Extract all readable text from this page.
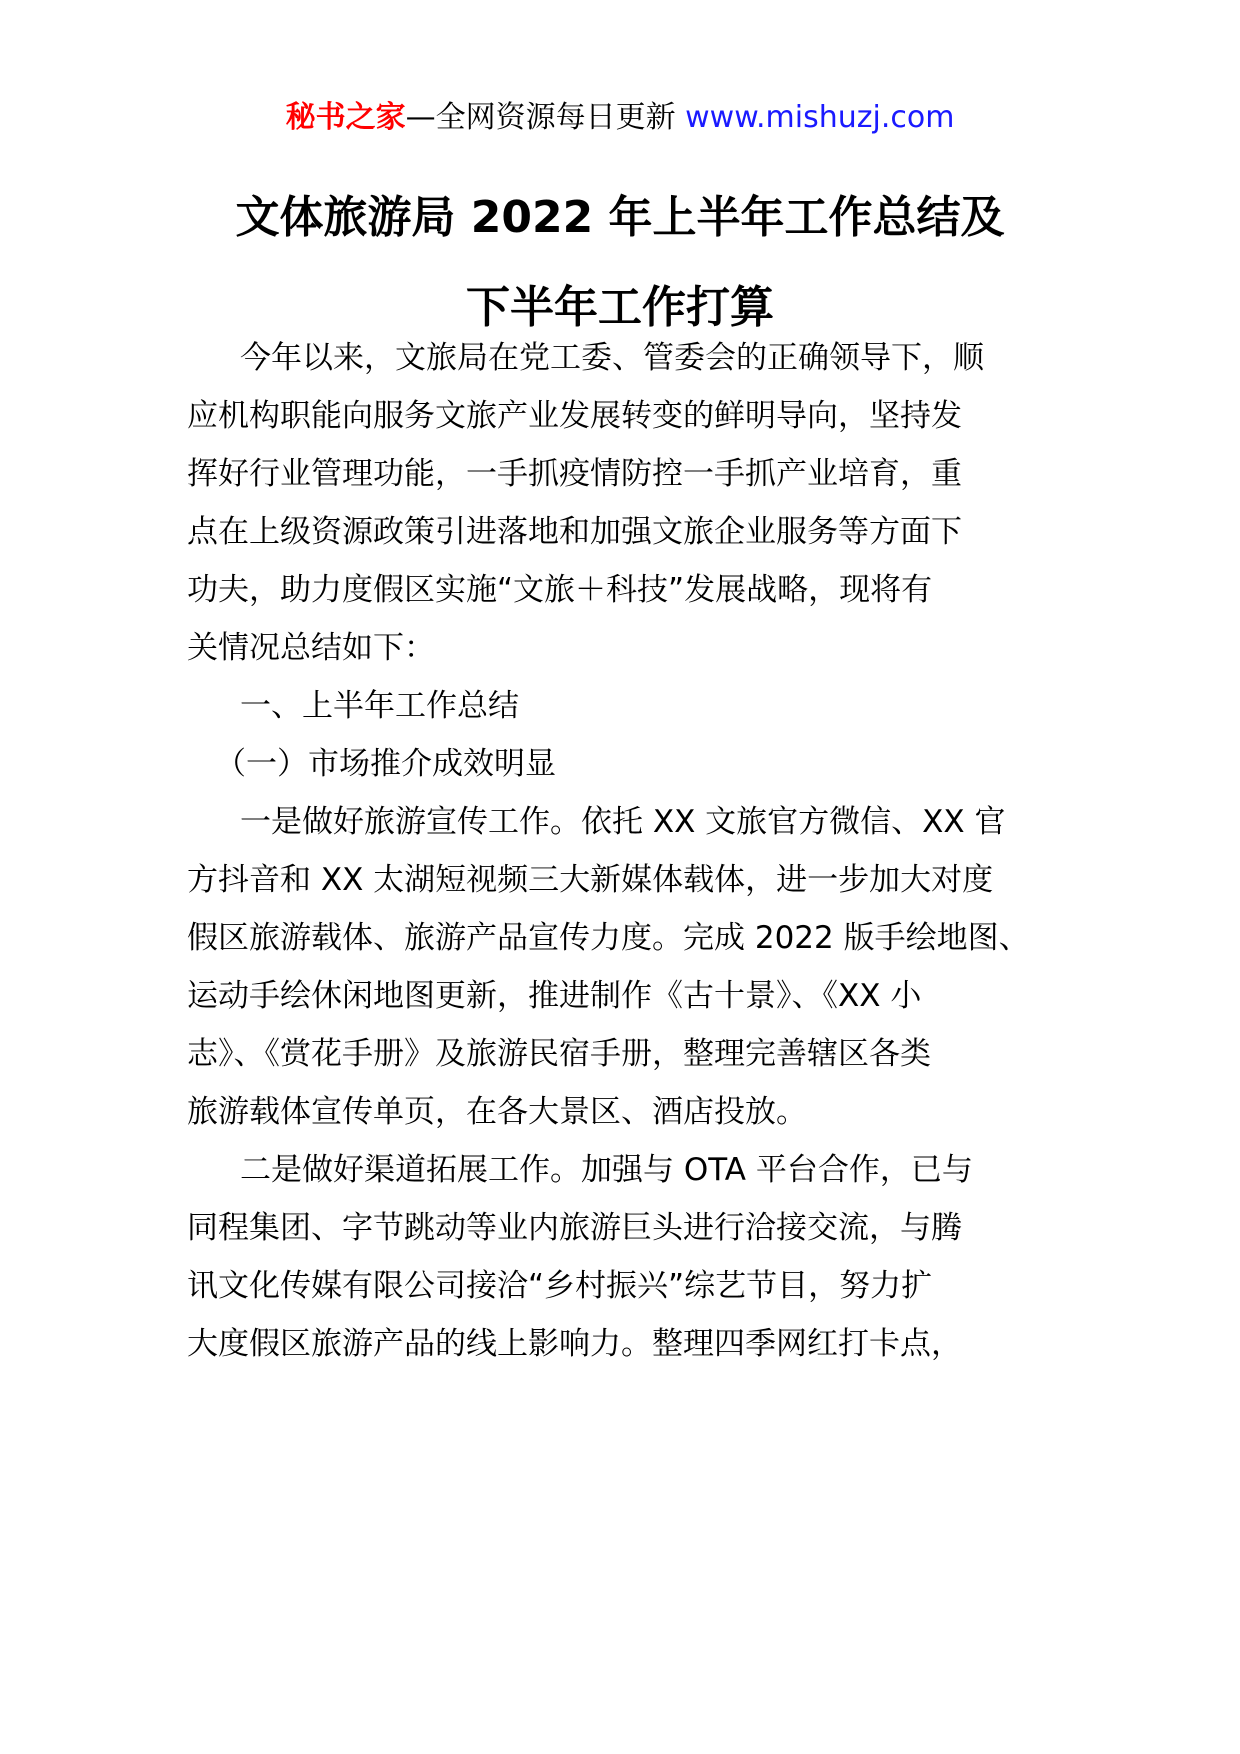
秘书之家—全网资源每日更新 www.mishuzj.com
文体旅游局 2022 年上半年工作总结及
下半年工作打算
今年以来，文旅局在党工委、管委会的正确领导下，顺
应机构职能向服务文旅产业发展转变的鲜明导向，坚持发
挥好行业管理功能，一手抓疫情防控一手抓产业培育，重
点在上级资源政策引进落地和加强文旅企业服务等方面下
功夫，助力度假区实施“文旅＋科技”发展战略，现将有
关情况总结如下：
一、上半年工作总结
（一）市场推介成效明显
一是做好旅游宣传工作。依托 XX 文旅官方微信、XX 官
方抖音和 XX 太湖短视频三大新媒体载体，进一步加大对度
假区旅游载体、旅游产品宣传力度。完成 2022 版手绘地图、
运动手绘休闲地图更新，推进制作《古十景》、《XX 小
志》、《赏花手册》及旅游民宿手册，整理完善辖区各类
旅游载体宣传单页，在各大景区、酒店投放。
二是做好渠道拓展工作。加强与 OTA 平台合作，已与
同程集团、字节跳动等业内旅游巨头进行洽接交流，与腾
讯文化传媒有限公司接洽“乡村振兴”综艺节目，努力扩
大度假区旅游产品的线上影响力。整理四季网红打卡点，
